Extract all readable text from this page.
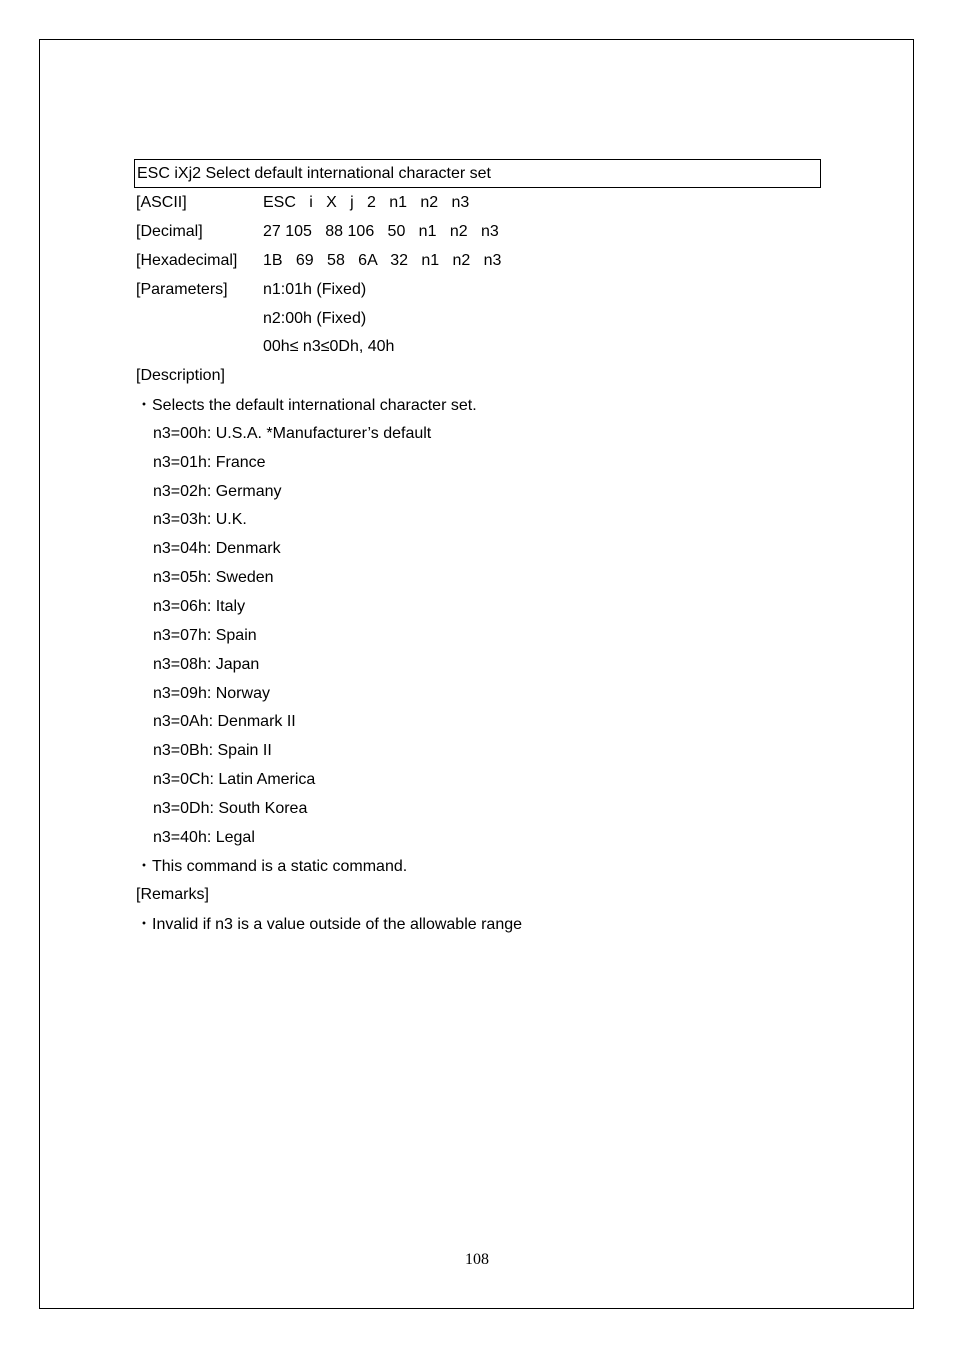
ESC iXj2 Select default international character set
[ASCII]	ESC   i   X   j   2   n1   n2   n3
[Decimal]	27 105   88 106   50   n1   n2   n3
[Hexadecimal] 1B   69   58   6A   32   n1   n2   n3
[Parameters] n1:01h (Fixed)
n2:00h (Fixed)
00h≤ n3≤0Dh, 40h
[Description]
・Selects the default international character set.
n3=00h: U.S.A. *Manufacturer’s default
n3=01h: France
n3=02h: Germany
n3=03h: U.K.
n3=04h: Denmark
n3=05h: Sweden
n3=06h: Italy
n3=07h: Spain
n3=08h: Japan
n3=09h: Norway
n3=0Ah: Denmark II
n3=0Bh: Spain II
n3=0Ch: Latin America
n3=0Dh: South Korea
n3=40h: Legal
・This command is a static command.
[Remarks]
・Invalid if n3 is a value outside of the allowable range
108
